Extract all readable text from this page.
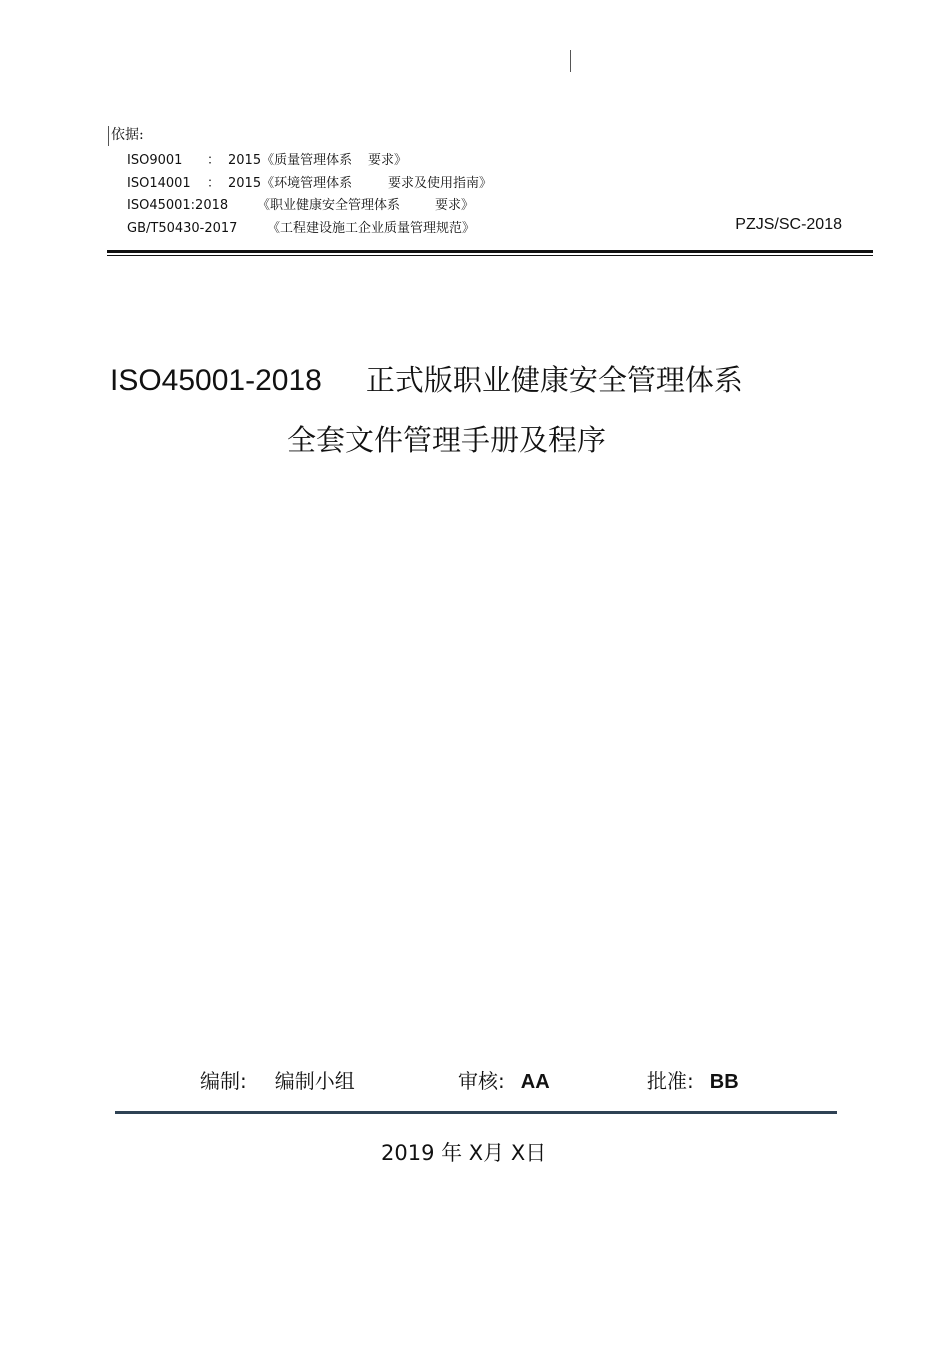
依据:
ISO9001 ： 2015《质量管理体系 要求》
ISO14001 ： 2015《环境管理体系	要求及使用指南》
ISO45001:2018 《职业健康安全管理体系	要求》
GB/T50430-2017 《工程建设施工企业质量管理规范》	PZJS/SC-2018
ISO45001-2018 正式版职业健康安全管理体系
全套文件管理手册及程序
编制: 编制小组	审核: AA	批准: BB
2019 年 X月 X日
